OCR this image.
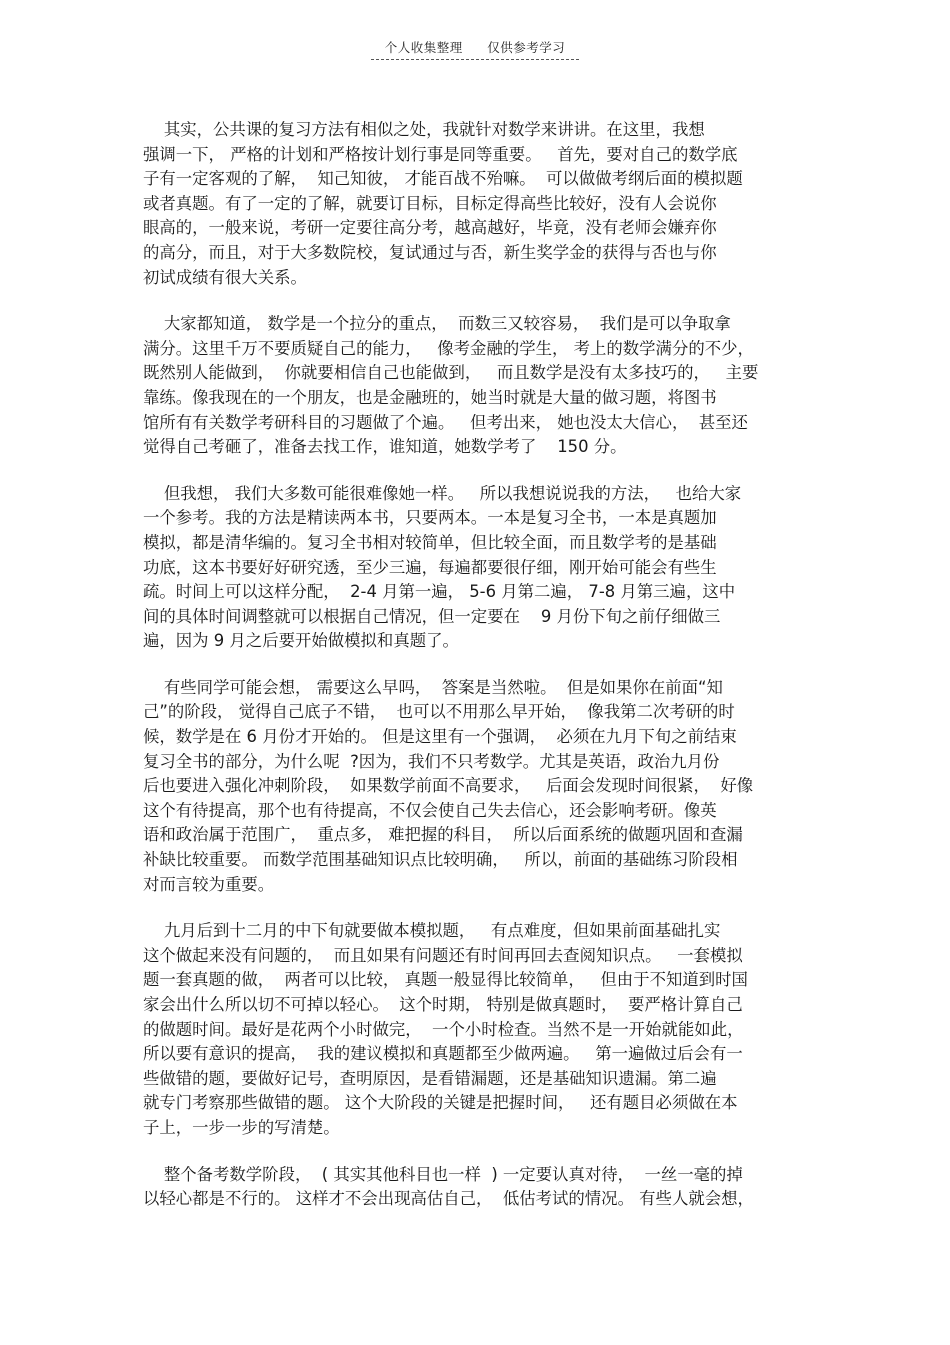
个人收集整理 仅供参考学习
其实，公共课的复习方法有相似之处，我就针对数学来讲讲。在这里，我想
强调一下， 严格的计划和严格按计划行事是同等重要。   首先，要对自己的数学底
子有一定客观的了解，  知己知彼， 才能百战不殆嘛。  可以做做考纲后面的模拟题
或者真题。有了一定的了解，就要订目标，目标定得高些比较好，没有人会说你
眼高的，一般来说，考研一定要往高分考，越高越好，毕竟，没有老师会嫌弃你
的高分，而且，对于大多数院校，复试通过与否，新生奖学金的获得与否也与你
初试成绩有很大关系。
大家都知道， 数学是一个拉分的重点，  而数三又较容易，  我们是可以争取拿
满分。这里千万不要质疑自己的能力，   像考金融的学生， 考上的数学满分的不少，
既然别人能做到，  你就要相信自己也能做到，   而且数学是没有太多技巧的，   主要
靠练。像我现在的一个朋友，也是金融班的，她当时就是大量的做习题，将图书
馆所有有关数学考研科目的习题做了个遍。   但考出来， 她也没太大信心，  甚至还
觉得自己考砸了，准备去找工作，谁知道，她数学考了    150 分。
但我想， 我们大多数可能很难像她一样。   所以我想说说我的方法，   也给大家
一个参考。我的方法是精读两本书，只要两本。一本是复习全书，一本是真题加
模拟，都是清华编的。复习全书相对较简单，但比较全面，而且数学考的是基础
功底，这本书要好好研究透，至少三遍，每遍都要很仔细，刚开始可能会有些生
疏。时间上可以这样分配，  2-4 月第一遍， 5-6 月第二遍， 7-8 月第三遍，这中
间的具体时间调整就可以根据自己情况，但一定要在    9 月份下旬之前仔细做三
遍，因为 9 月之后要开始做模拟和真题了。
有些同学可能会想， 需要这么早吗，  答案是当然啦。  但是如果你在前面“知
己”的阶段， 觉得自己底子不错，  也可以不用那么早开始，  像我第二次考研的时
候，数学是在 6 月份才开始的。 但是这里有一个强调，  必须在九月下旬之前结束
复习全书的部分，为什么呢  ?因为，我们不只考数学。尤其是英语，政治九月份
后也要进入强化冲刺阶段，  如果数学前面不高要求，   后面会发现时间很紧，  好像
这个有待提高，那个也有待提高，不仅会使自己失去信心，还会影响考研。像英
语和政治属于范围广，  重点多， 难把握的科目，  所以后面系统的做题巩固和查漏
补缺比较重要。 而数学范围基础知识点比较明确，   所以，前面的基础练习阶段相
对而言较为重要。
九月后到十二月的中下旬就要做本模拟题，   有点难度，但如果前面基础扎实
这个做起来没有问题的，  而且如果有问题还有时间再回去查阅知识点。   一套模拟
题一套真题的做，  两者可以比较， 真题一般显得比较简单，   但由于不知道到时国
家会出什么所以切不可掉以轻心。  这个时期， 特别是做真题时，  要严格计算自己
的做题时间。最好是花两个小时做完，  一个小时检查。当然不是一开始就能如此，
所以要有意识的提高，  我的建议模拟和真题都至少做两遍。   第一遍做过后会有一
些做错的题，要做好记号，查明原因，是看错漏题，还是基础知识遗漏。第二遍
就专门考察那些做错的题。 这个大阶段的关键是把握时间，   还有题目必须做在本
子上，一步一步的写清楚。
整个备考数学阶段，  ( 其实其他科目也一样  ) 一定要认真对待，  一丝一毫的掉
以轻心都是不行的。 这样才不会出现高估自己，  低估考试的情况。 有些人就会想，
